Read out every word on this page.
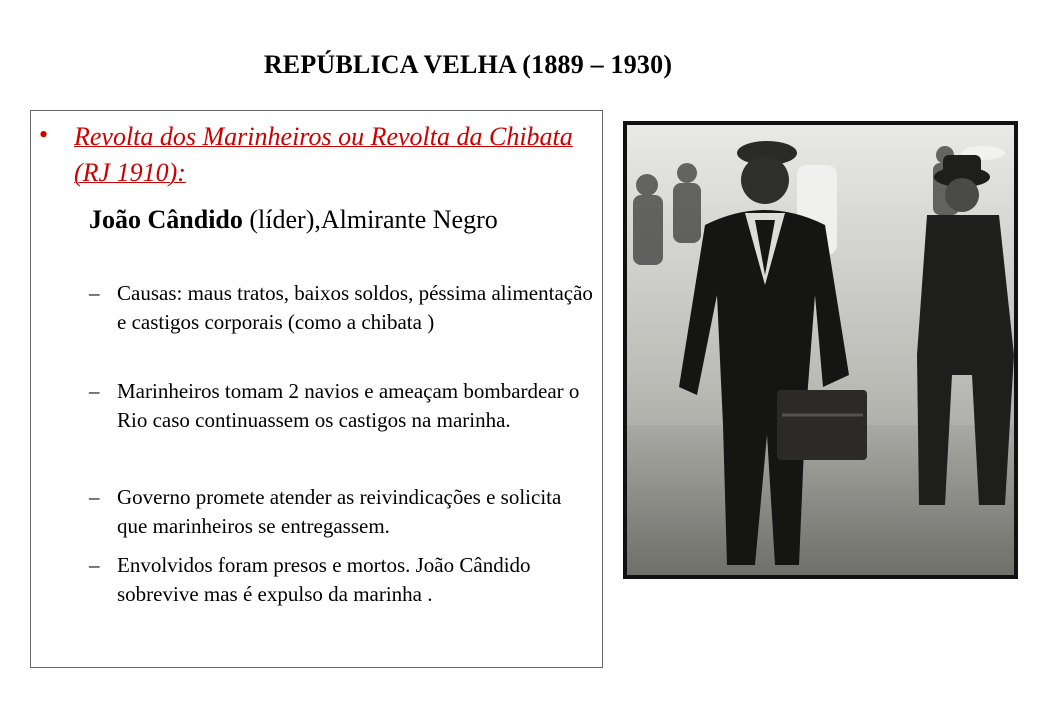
REPÚBLICA VELHA (1889 – 1930)
• Revolta dos Marinheiros ou Revolta da Chibata (RJ 1910):
João Cândido (líder),Almirante Negro
– Causas: maus tratos, baixos soldos, péssima alimentação e castigos corporais (como a chibata )
– Marinheiros tomam 2 navios e ameaçam bombardear o Rio caso continuassem os castigos na marinha.
– Governo promete atender as reivindicações e solicita que marinheiros se entregassem.
– Envolvidos foram presos e mortos. João Cândido sobrevive mas é expulso da marinha .
